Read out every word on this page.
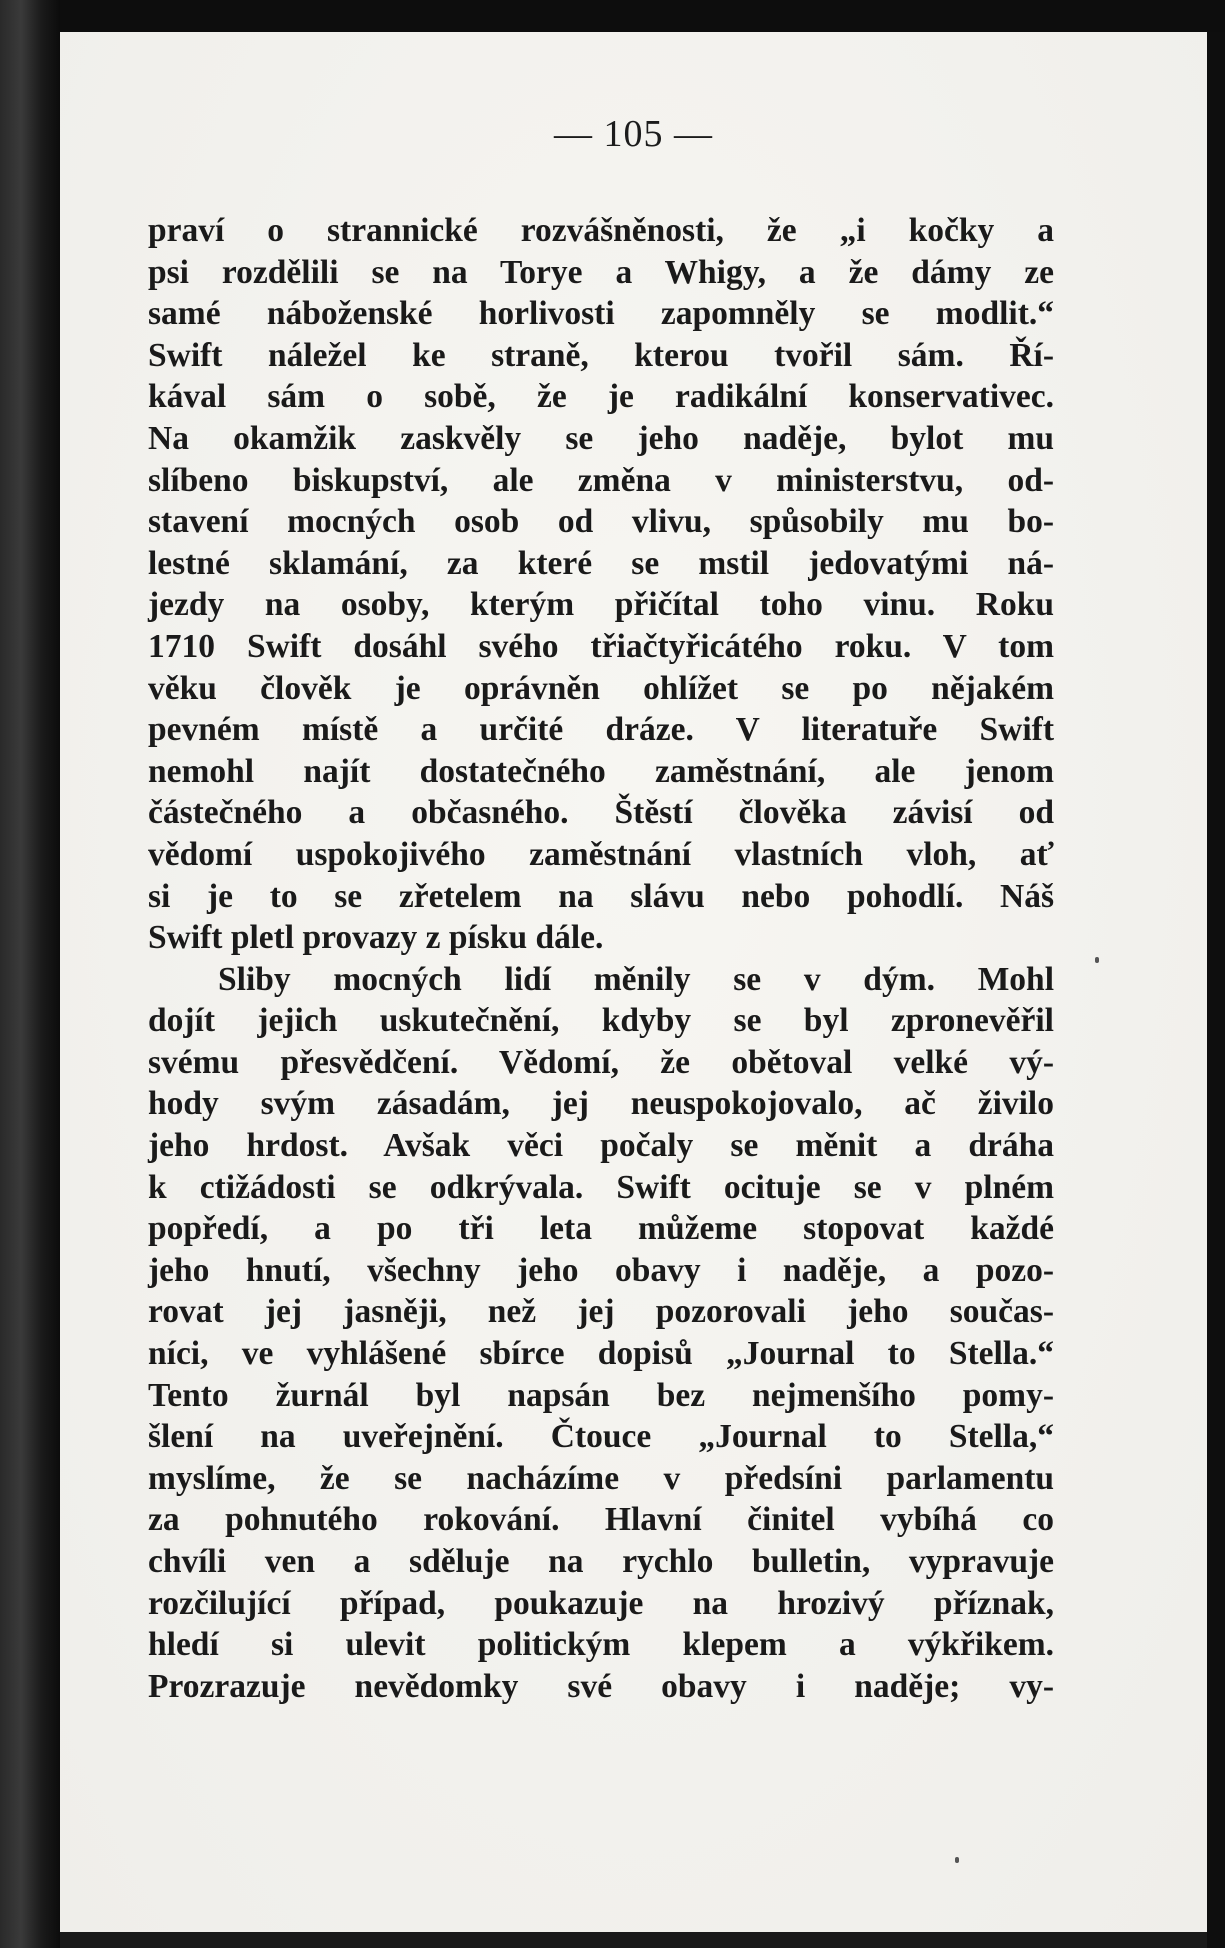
— 105 —
praví o strannické rozvášněnosti, že „i kočky a
psi rozdělili se na Torye a Whigy, a že dámy ze
samé náboženské horlivosti zapomněly se modlit.“
Swift náležel ke straně, kterou tvořil sám. Ří-
kával sám o sobě, že je radikální konservativec.
Na okamžik zaskvěly se jeho naděje, bylot mu
slíbeno biskupství, ale změna v ministerstvu, od-
stavení mocných osob od vlivu, spůsobily mu bo-
lestné sklamání, za které se mstil jedovatými ná-
jezdy na osoby, kterým přičítal toho vinu. Roku
1710 Swift dosáhl svého třiačtyřicátého roku. V tom
věku člověk je oprávněn ohlížet se po nějakém
pevném místě a určité dráze. V literatuře Swift
nemohl najít dostatečného zaměstnání, ale jenom
částečného a občasného. Štěstí člověka závisí od
vědomí uspokojivého zaměstnání vlastních vloh, ať
si je to se zřetelem na slávu nebo pohodlí. Náš
Swift pletl provazy z písku dále.
Sliby mocných lidí měnily se v dým. Mohl
dojít jejich uskutečnění, kdyby se byl zpronevěřil
svému přesvědčení. Vědomí, že obětoval velké vý-
hody svým zásadám, jej neuspokojovalo, ač živilo
jeho hrdost. Avšak věci počaly se měnit a dráha
k ctižádosti se odkrývala. Swift ocituje se v plném
popředí, a po tři leta můžeme stopovat každé
jeho hnutí, všechny jeho obavy i naděje, a pozo-
rovat jej jasněji, než jej pozorovali jeho součas-
níci, ve vyhlášené sbírce dopisů „Journal to Stella.“
Tento žurnál byl napsán bez nejmenšího pomy-
šlení na uveřejnění. Čtouce „Journal to Stella,“
myslíme, že se nacházíme v předsíni parlamentu
za pohnutého rokování. Hlavní činitel vybíhá co
chvíli ven a sděluje na rychlo bulletin, vypravuje
rozčilující případ, poukazuje na hrozivý příznak,
hledí si ulevit politickým klepem a výkřikem.
Prozrazuje nevědomky své obavy i naděje; vy-
